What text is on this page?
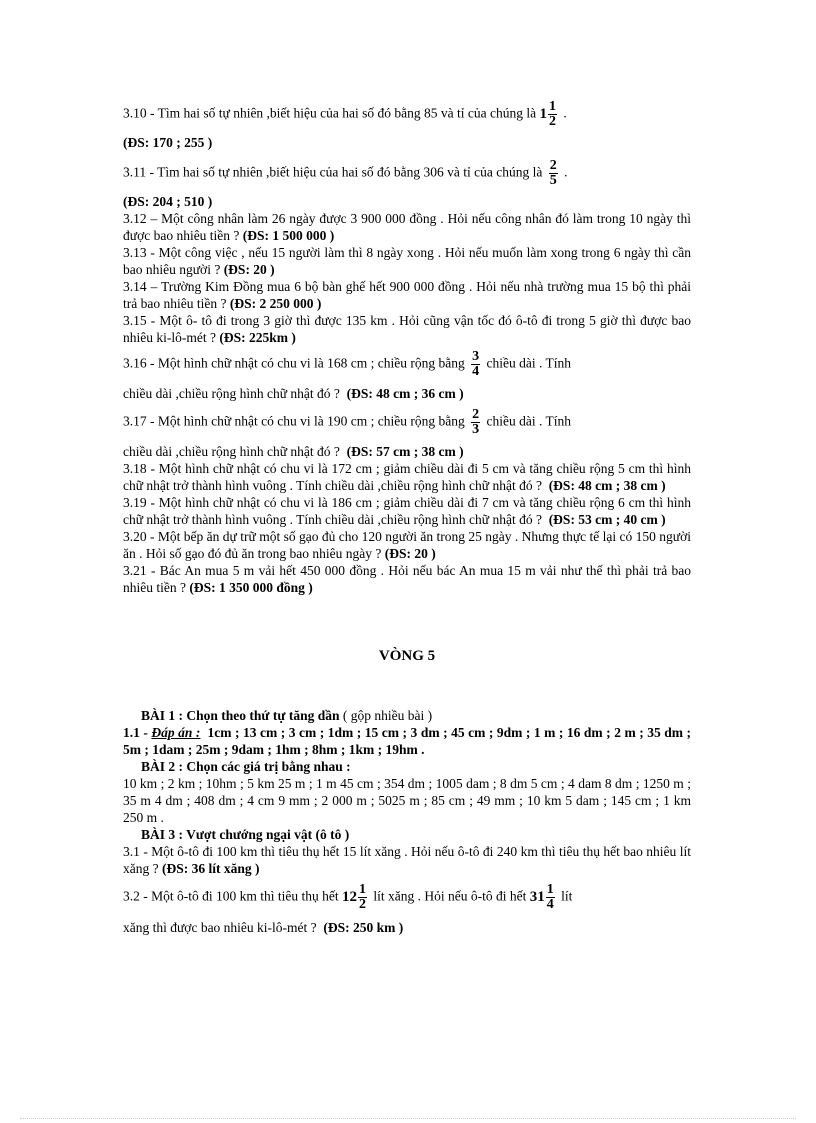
3.10 - Tìm hai số tự nhiên ,biết hiệu của hai số đó bằng 85 và tỉ của chúng là $1 \frac{1}{2}$ .

(ĐS: 170 ; 255 )

3.11 - Tìm hai số tự nhiên ,biết hiệu của hai số đó bằng 306 và tỉ của chúng là $\frac{2}{5}$ .

(ĐS: 204 ; 510 )

3.12 – Một công nhân làm 26 ngày được 3 900 000 đồng . Hỏi nếu công nhân đó làm trong 10 ngày thì được bao nhiêu tiền ? (ĐS: 1 500 000 )

3.13 - Một công việc , nếu 15 người làm thì 8 ngày xong . Hỏi nếu muốn làm xong trong 6 ngày thì cần bao nhiêu người ? (ĐS: 20 )

3.14 – Trường Kim Đồng mua 6 bộ bàn ghế hết 900 000 đồng . Hỏi nếu nhà trường mua 15 bộ thì phải trả bao nhiêu tiền ? (ĐS: 2 250 000 )

3.15 - Một ô- tô đi trong 3 giờ thì được 135 km . Hỏi cũng vận tốc đó ô-tô đi trong 5 giờ thì được bao nhiêu ki-lô-mét ? (ĐS: 225km )

3.16 - Một hình chữ nhật có chu vi là 168 cm ; chiều rộng bằng $\frac{3}{4}$ chiều dài . Tính

chiều dài ,chiều rộng hình chữ nhật đó ? (ĐS: 48 cm ; 36 cm )

3.17 - Một hình chữ nhật có chu vi là 190 cm ; chiều rộng bằng $\frac{2}{3}$ chiều dài . Tính

chiều dài ,chiều rộng hình chữ nhật đó ? (ĐS: 57 cm ; 38 cm )

3.18 - Một hình chữ nhật có chu vi là 172 cm ; giảm chiều dài đi 5 cm và tăng chiều rộng 5 cm thì hình chữ nhật trở thành hình vuông . Tính chiều dài ,chiều rộng hình chữ nhật đó ? (ĐS: 48 cm ; 38 cm )

3.19 - Một hình chữ nhật có chu vi là 186 cm ; giảm chiều dài đi 7 cm và tăng chiều rộng 6 cm thì hình chữ nhật trở thành hình vuông . Tính chiều dài ,chiều rộng hình chữ nhật đó ? (ĐS: 53 cm ; 40 cm )

3.20 - Một bếp ăn dự trữ một số gạo đủ cho 120 người ăn trong 25 ngày . Nhưng thực tế lại có 150 người ăn . Hỏi số gạo đó đủ ăn trong bao nhiêu ngày ? (ĐS: 20 )

3.21 - Bác An mua 5 m vải hết 450 000 đồng . Hỏi nếu bác An mua 15 m vải như thế thì phải trả bao nhiêu tiền ? (ĐS: 1 350 000 đồng )

VÒNG 5

BÀI 1 : Chọn theo thứ tự tăng dần ( gộp nhiều bài )

1.1 - Đáp án : 1cm ; 13 cm ; 3 cm ; 1dm ; 15 cm ; 3 dm ; 45 cm ; 9dm ; 1 m ; 16 dm ; 2 m ; 35 dm ; 5m ; 1dam ; 25m ; 9dam ; 1hm ; 8hm ; 1km ; 19hm .

BÀI 2 : Chọn các giá trị bằng nhau :

10 km ; 2 km ; 10hm ; 5 km 25 m ; 1 m 45 cm ; 354 dm ; 1005 dam ; 8 dm 5 cm ; 4 dam 8 dm ; 1250 m ; 35 m 4 dm ; 408 dm ; 4 cm 9 mm ; 2 000 m ; 5025 m ; 85 cm ; 49 mm ; 10 km 5 dam ; 145 cm ; 1 km 250 m .

BÀI 3 : Vượt chướng ngại vật (ô tô )

3.1 - Một ô-tô đi 100 km thì tiêu thụ hết 15 lít xăng . Hỏi nếu ô-tô đi 240 km thì tiêu thụ hết bao nhiêu lít xăng ? (ĐS: 36 lít xăng )

3.2 - Một ô-tô đi 100 km thì tiêu thụ hết $12 \frac{1}{2}$ lít xăng . Hỏi nếu ô-tô đi hết $31 \frac{1}{4}$ lít

xăng thì được bao nhiêu ki-lô-mét ? (ĐS: 250 km )
